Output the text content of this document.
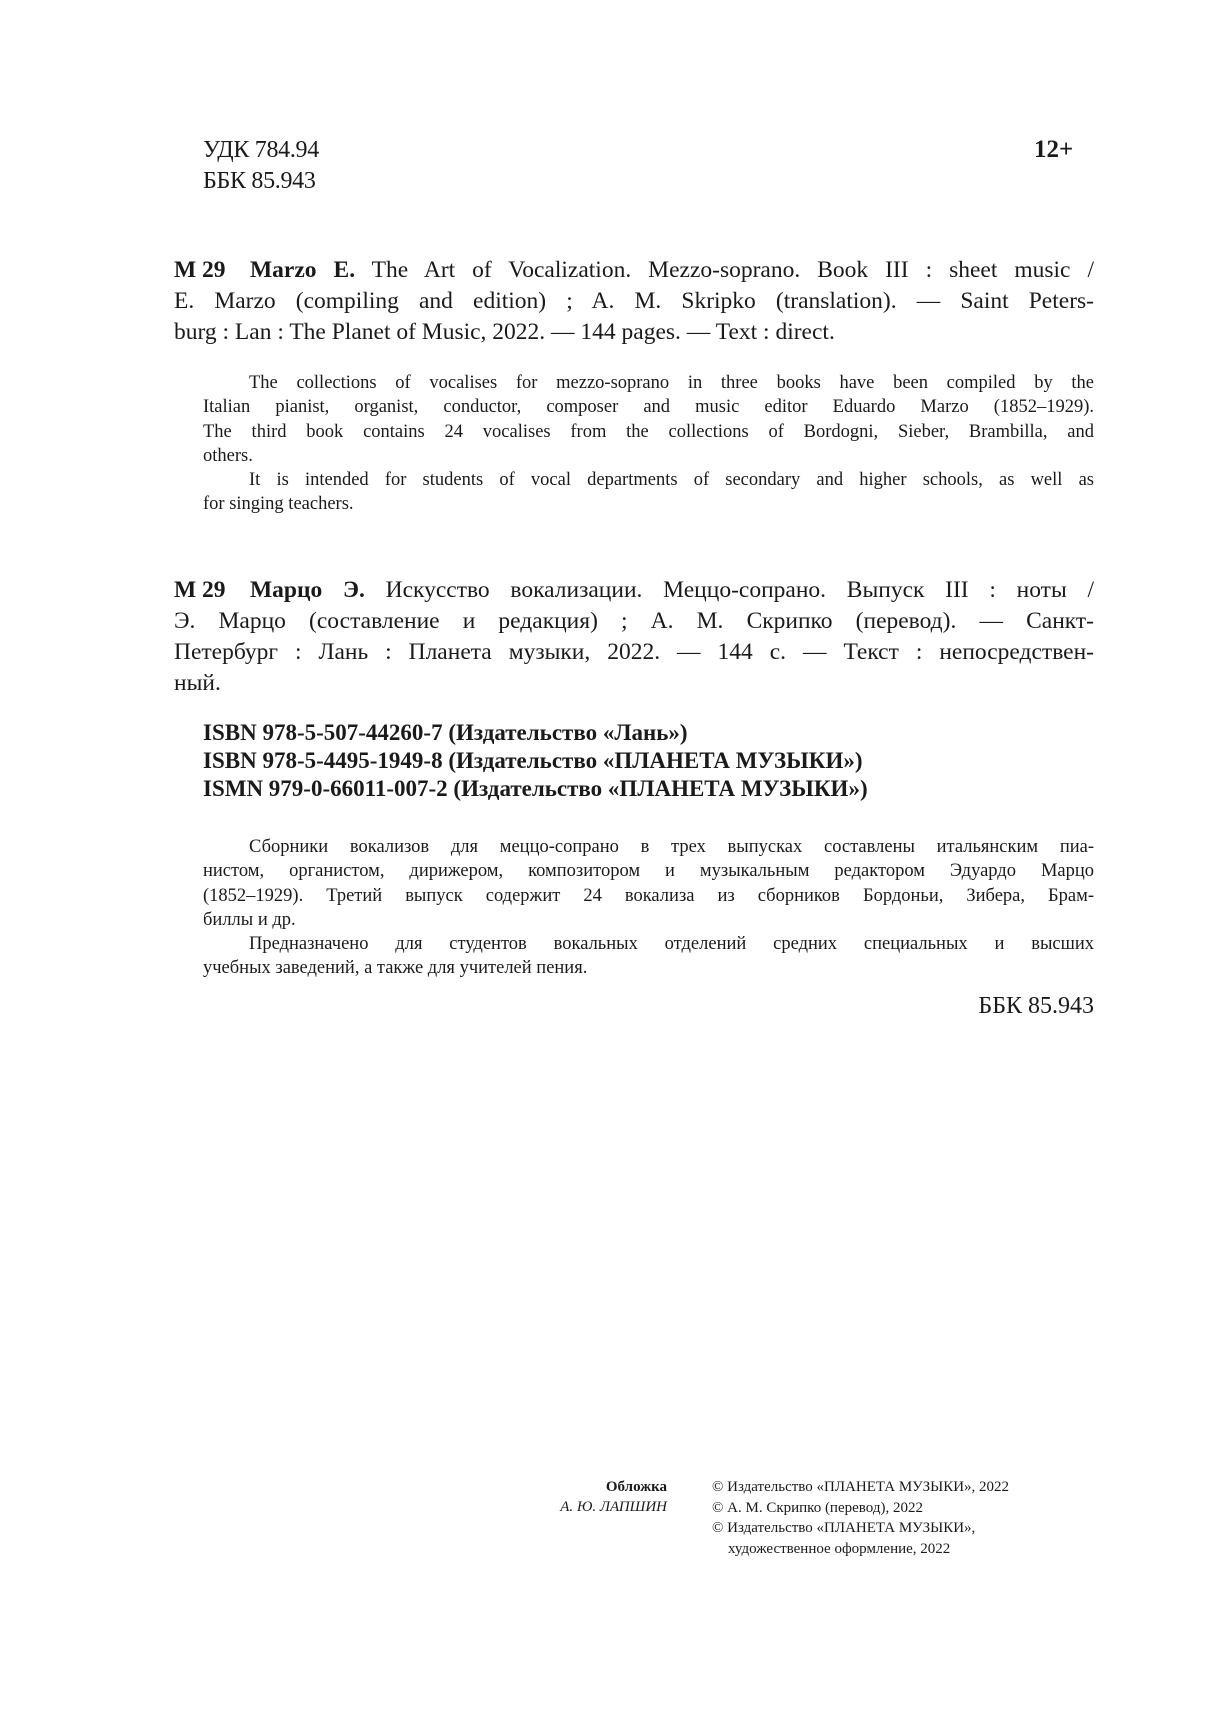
УДК 784.94
ББК 85.943
12+
М 29 Marzo E. The Art of Vocalization. Mezzo-soprano. Book III : sheet music /
E. Marzo (compiling and edition) ; A. M. Skripko (translation). — Saint Peters-
burg : Lan : The Planet of Music, 2022. — 144 pages. — Text : direct.
The collections of vocalises for mezzo-soprano in three books have been compiled by the
Italian pianist, organist, conductor, composer and music editor Eduardo Marzo (1852–1929).
The third book contains 24 vocalises from the collections of Bordogni, Sieber, Brambilla, and
others.
It is intended for students of vocal departments of secondary and higher schools, as well as
for singing teachers.
М 29 Марцо Э. Искусство вокализации. Меццо-сопрано. Выпуск III : ноты /
Э. Марцо (составление и редакция) ; А. М. Скрипко (перевод). — Санкт-
Петербург : Лань : Планета музыки, 2022. — 144 с. — Текст : непосредствен-
ный.
ISBN 978-5-507-44260-7 (Издательство «Лань»)
ISBN 978-5-4495-1949-8 (Издательство «ПЛАНЕТА МУЗЫКИ»)
ISMN 979-0-66011-007-2 (Издательство «ПЛАНЕТА МУЗЫКИ»)
Сборники вокализов для меццо-сопрано в трех выпусках составлены итальянским пиа-
нистом, органистом, дирижером, композитором и музыкальным редактором Эдуардо Марцо
(1852–1929). Третий выпуск содержит 24 вокализа из сборников Бордоньи, Зибера, Брам-
биллы и др.
Предназначено для студентов вокальных отделений средних специальных и высших
учебных заведений, а также для учителей пения.
ББК 85.943
Обложка
А. Ю. ЛАПШИН
© Издательство «ПЛАНЕТА МУЗЫКИ», 2022
© А. М. Скрипко (перевод), 2022
© Издательство «ПЛАНЕТА МУЗЫКИ»,
художественное оформление, 2022
